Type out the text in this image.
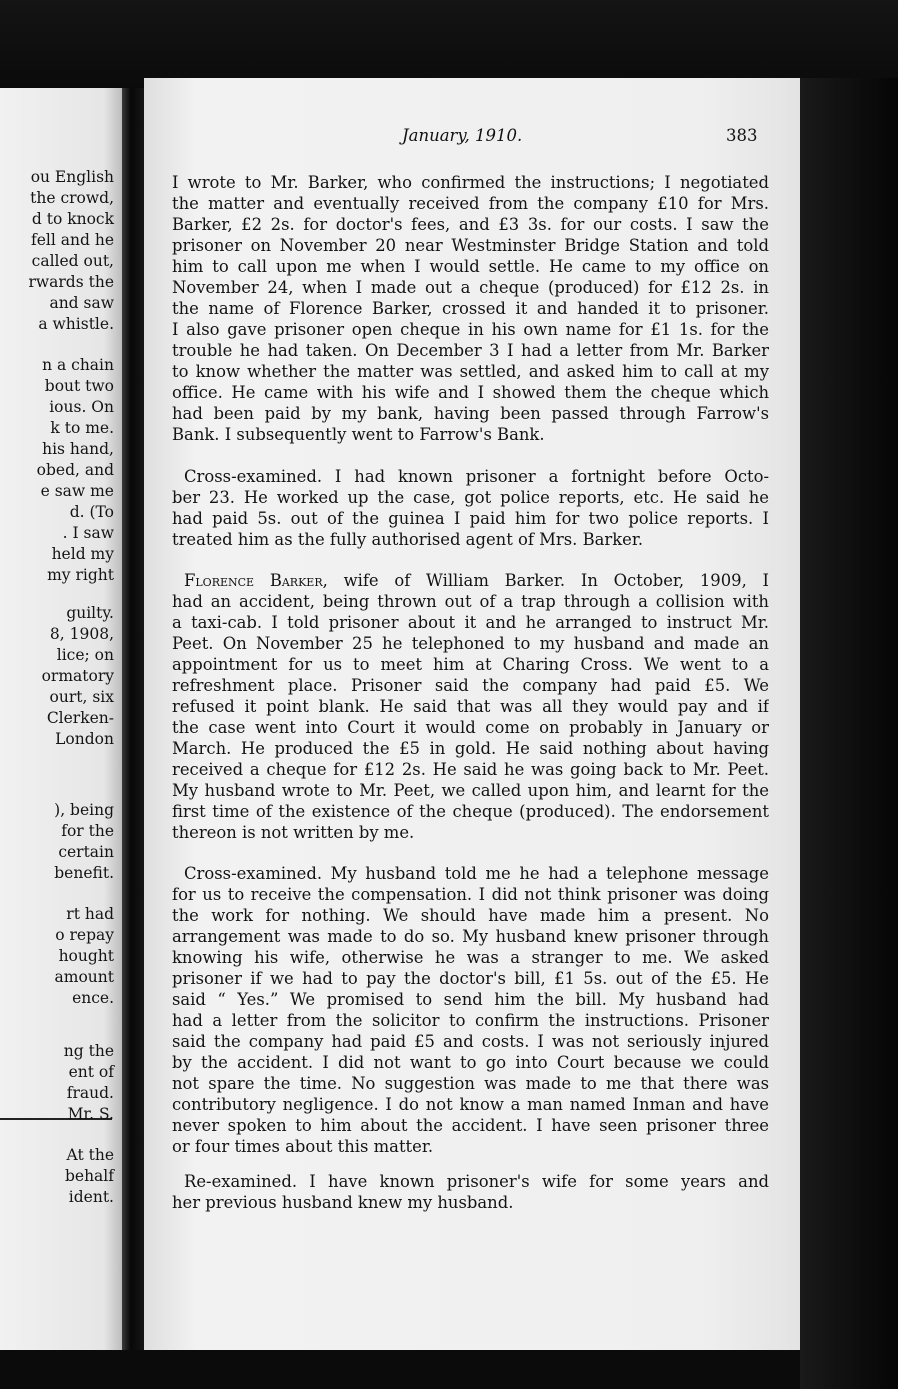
ou English
the crowd,
d to knock
fell and he
called out,
rwards the
and saw
a whistle.
n a chain
bout two
ious. On
k to me.
his hand,
obed, and
e saw me
d. (To
. I saw
held my
my right
guilty.
8, 1908,
lice; on
ormatory
ourt, six
Clerken-
London
), being
for the
certain
benefit.
rt had
o repay
hought
amount
ence.
ng the
ent of
fraud.
Mr. S.
At the
behalf
ident.
January, 1910.	383
I wrote to Mr. Barker, who confirmed the instructions; I negotiated
the matter and eventually received from the company £10 for Mrs.
Barker, £2 2s. for doctor's fees, and £3 3s. for our costs. I saw the
prisoner on November 20 near Westminster Bridge Station and told
him to call upon me when I would settle. He came to my office on
November 24, when I made out a cheque (produced) for £12 2s. in
the name of Florence Barker, crossed it and handed it to prisoner.
I also gave prisoner open cheque in his own name for £1 1s. for the
trouble he had taken. On December 3 I had a letter from Mr. Barker
to know whether the matter was settled, and asked him to call at my
office. He came with his wife and I showed them the cheque which
had been paid by my bank, having been passed through Farrow's
Bank. I subsequently went to Farrow's Bank.
Cross-examined. I had known prisoner a fortnight before Octo-
ber 23. He worked up the case, got police reports, etc. He said he
had paid 5s. out of the guinea I paid him for two police reports. I
treated him as the fully authorised agent of Mrs. Barker.
Florence Barker, wife of William Barker. In October, 1909, I
had an accident, being thrown out of a trap through a collision with
a taxi-cab. I told prisoner about it and he arranged to instruct Mr.
Peet. On November 25 he telephoned to my husband and made an
appointment for us to meet him at Charing Cross. We went to a
refreshment place. Prisoner said the company had paid £5. We
refused it point blank. He said that was all they would pay and if
the case went into Court it would come on probably in January or
March. He produced the £5 in gold. He said nothing about having
received a cheque for £12 2s. He said he was going back to Mr. Peet.
My husband wrote to Mr. Peet, we called upon him, and learnt for the
first time of the existence of the cheque (produced). The endorsement
thereon is not written by me.
Cross-examined. My husband told me he had a telephone message
for us to receive the compensation. I did not think prisoner was doing
the work for nothing. We should have made him a present. No
arrangement was made to do so. My husband knew prisoner through
knowing his wife, otherwise he was a stranger to me. We asked
prisoner if we had to pay the doctor's bill, £1 5s. out of the £5. He
said “ Yes.” We promised to send him the bill. My husband had
had a letter from the solicitor to confirm the instructions. Prisoner
said the company had paid £5 and costs. I was not seriously injured
by the accident. I did not want to go into Court because we could
not spare the time. No suggestion was made to me that there was
contributory negligence. I do not know a man named Inman and have
never spoken to him about the accident. I have seen prisoner three
or four times about this matter.
Re-examined. I have known prisoner's wife for some years and
her previous husband knew my husband.
